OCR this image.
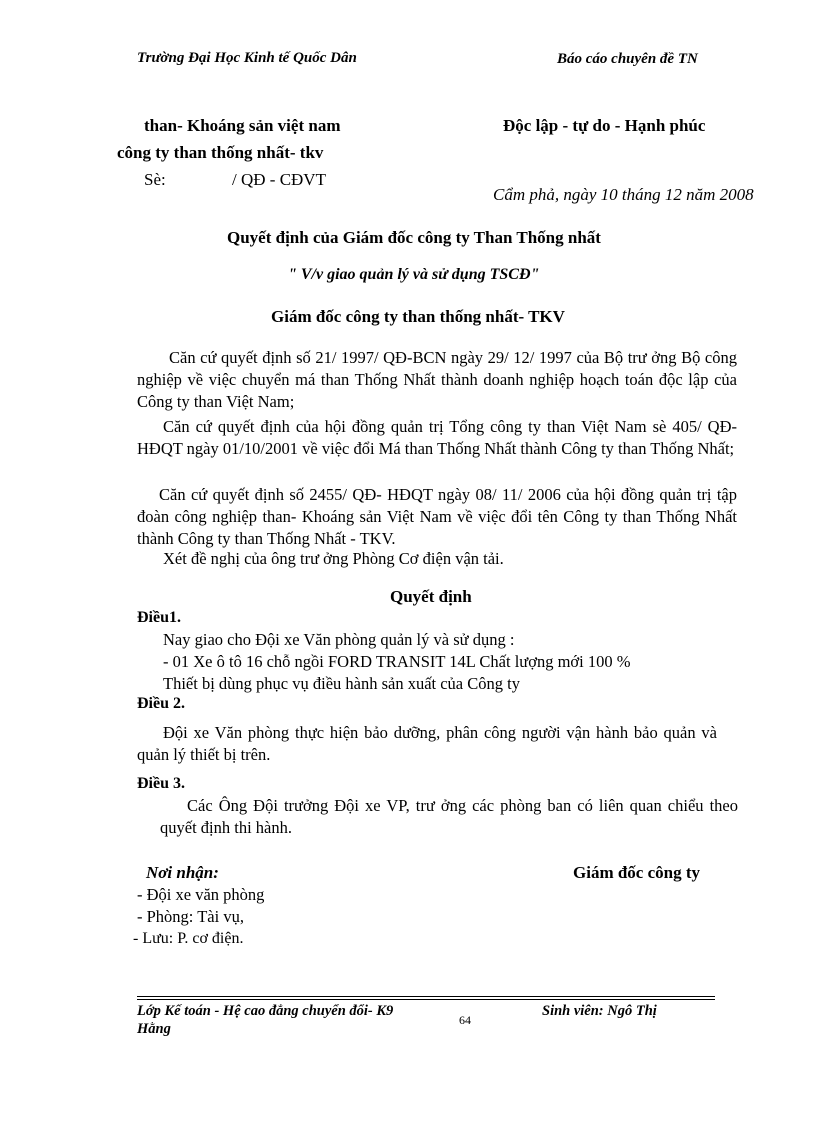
Trường Đại Học Kinh tế Quốc Dân	Báo cáo chuyên đề TN
than- Khoáng sản việt nam
công ty than thống nhất- tkv
Sè:	/ QĐ - CĐVT
Độc lập - tự do - Hạnh phúc
Cẩm phả, ngày 10 tháng 12 năm 2008
Quyết định của Giám đốc công ty Than Thống nhất
" V/v giao quản lý và sử dụng TSCĐ"
Giám đốc công ty than thống nhất- TKV
Căn cứ quyết định số 21/ 1997/ QĐ-BCN ngày 29/ 12/ 1997 của Bộ trư ởng Bộ công nghiệp về việc chuyển má than Thống Nhất thành doanh nghiệp hoạch toán độc lập của Công ty than Việt Nam;
Căn cứ quyết định của hội đồng quản trị Tổng công ty than Việt Nam sè 405/ QĐ-HĐQT ngày 01/10/2001 về việc đổi Má than Thống Nhất thành Công ty than Thống Nhất;
Căn cứ quyết định số 2455/ QĐ- HĐQT ngày 08/ 11/ 2006 của hội đồng quản trị tập đoàn công nghiệp than- Khoáng sản Việt Nam về việc đổi tên Công ty than Thống Nhất thành Công ty than Thống Nhất - TKV.
Xét đề nghị của ông trư ởng Phòng Cơ điện vận tải.
Quyết định
Điều1.
Nay giao cho Đội xe Văn phòng quản lý và sử dụng :
- 01 Xe ô tô 16 chỗ ngồi FORD TRANSIT 14L Chất lượng mới 100 %
Thiết bị dùng phục vụ điều hành sản xuất của Công ty
Điều 2.
Đội xe Văn phòng thực hiện bảo dưỡng, phân công người vận hành bảo quản và quản lý thiết bị trên.
Điều 3.
Các Ông Đội trưởng Đội xe VP, trư ởng các phòng ban có liên quan chiểu theo quyết định thi hành.
Nơi nhận:
- Đội xe văn phòng
- Phòng: Tài vụ,
- Lưu: P. cơ điện.
Giám đốc công ty
Lớp Kế toán - Hệ cao đẳng chuyển đổi- K9
Hằng
64
Sinh viên: Ngô Thị
